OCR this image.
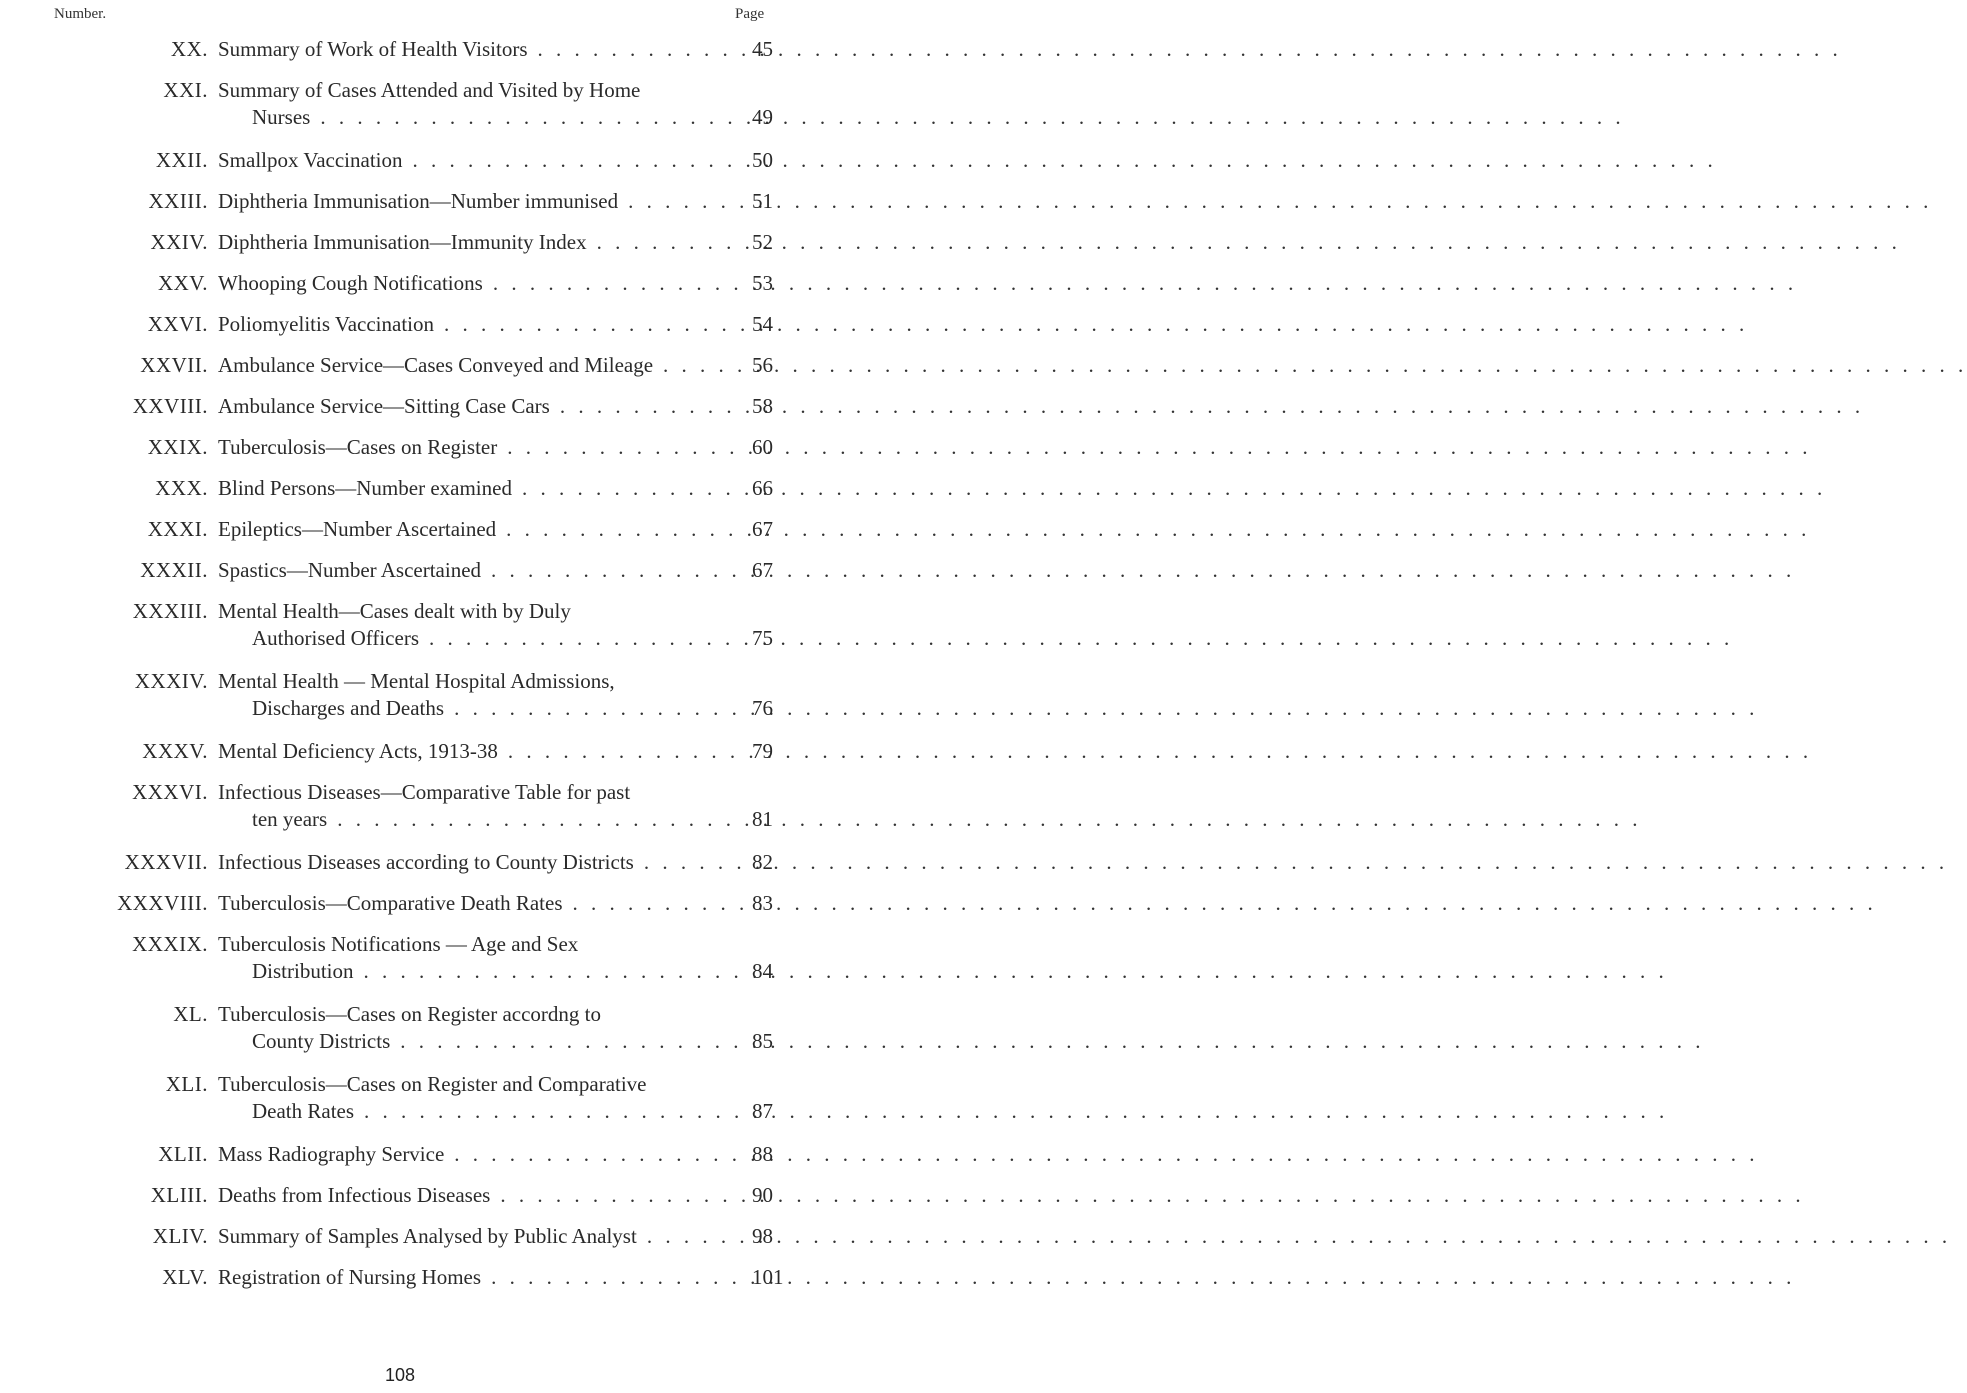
Number.	Page
XX. Summary of Work of Health Visitors . . .	45
XXI. Summary of Cases Attended and Visited by Home
Nurses . . .	49
XXII. Smallpox Vaccination . . .	50
XXIII. Diphtheria Immunisation—Number immunised . . .	51
XXIV. Diphtheria Immunisation—Immunity Index . . .	52
XXV. Whooping Cough Notifications . . .	53
XXVI. Poliomyelitis Vaccination . . .	54
XXVII. Ambulance Service—Cases Conveyed and Mileage . . .	56
XXVIII. Ambulance Service—Sitting Case Cars . . .	58
XXIX. Tuberculosis—Cases on Register . . .	60
XXX. Blind Persons—Number examined . . .	66
XXXI. Epileptics—Number Ascertained . . .	67
XXXII. Spastics—Number Ascertained . . .	67
XXXIII. Mental Health—Cases dealt with by Duly
Authorised Officers . . .	75
XXXIV. Mental Health — Mental Hospital Admissions,
Discharges and Deaths . . .	76
XXXV. Mental Deficiency Acts, 1913-38 . . .	79
XXXVI. Infectious Diseases—Comparative Table for past
ten years . . .	81
XXXVII. Infectious Diseases according to County Districts . . .	82
XXXVIII. Tuberculosis—Comparative Death Rates . . .	83
XXXIX. Tuberculosis Notifications — Age and Sex
Distribution . . .	84
XL. Tuberculosis—Cases on Register accordng to
County Districts . . .	85
XLI. Tuberculosis—Cases on Register and Comparative
Death Rates . . .	87
XLII. Mass Radiography Service . . .	88
XLIII. Deaths from Infectious Diseases . . .	90
XLIV. Summary of Samples Analysed by Public Analyst . . .	98
XLV. Registration of Nursing Homes . . .	101
108
